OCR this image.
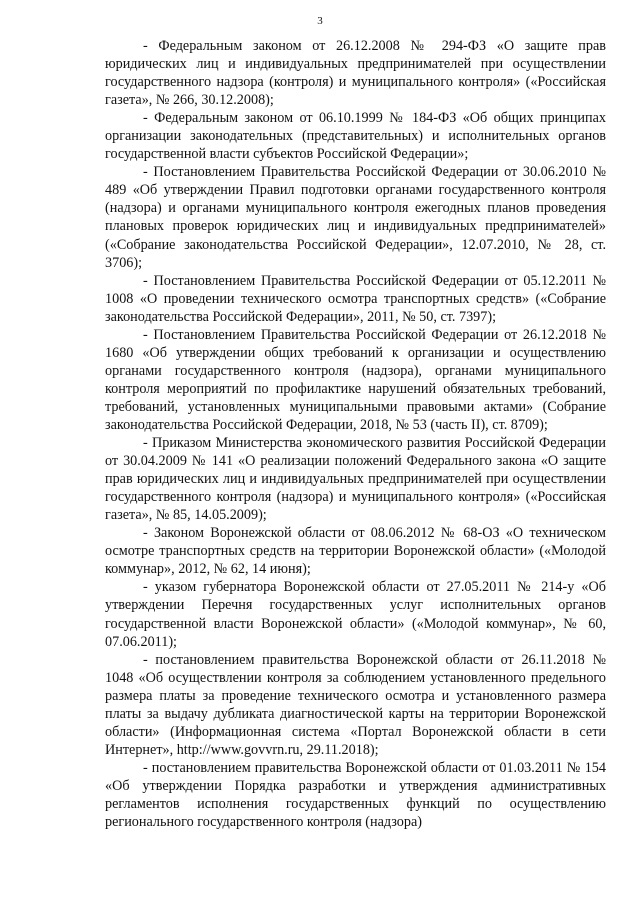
3

- Федеральным законом от 26.12.2008 № 294-ФЗ «О защите прав юридических лиц и индивидуальных предпринимателей при осуществлении государственного надзора (контроля) и муниципального контроля» («Российская газета», № 266, 30.12.2008);

- Федеральным законом от 06.10.1999 № 184-ФЗ «Об общих принципах организации законодательных (представительных) и исполнительных органов государственной власти субъектов Российской Федерации»;

- Постановлением Правительства Российской Федерации от 30.06.2010 № 489 «Об утверждении Правил подготовки органами государственного контроля (надзора) и органами муниципального контроля ежегодных планов проведения плановых проверок юридических лиц и индивидуальных предпринимателей» («Собрание законодательства Российской Федерации», 12.07.2010, № 28, ст. 3706);

- Постановлением Правительства Российской Федерации от 05.12.2011 № 1008 «О проведении технического осмотра транспортных средств» («Собрание законодательства Российской Федерации», 2011, № 50, ст. 7397);

- Постановлением Правительства Российской Федерации от 26.12.2018 № 1680 «Об утверждении общих требований к организации и осуществлению органами государственного контроля (надзора), органами муниципального контроля мероприятий по профилактике нарушений обязательных требований, требований, установленных муниципальными правовыми актами» (Собрание законодательства Российской Федерации, 2018, № 53 (часть II), ст. 8709);

- Приказом Министерства экономического развития Российской Федерации от 30.04.2009 № 141 «О реализации положений Федерального закона «О защите прав юридических лиц и индивидуальных предпринимателей при осуществлении государственного контроля (надзора) и муниципального контроля» («Российская газета», № 85, 14.05.2009);

- Законом Воронежской области от 08.06.2012 № 68-ОЗ «О техническом осмотре транспортных средств на территории Воронежской области» («Молодой коммунар», 2012, № 62, 14 июня);

- указом губернатора Воронежской области от 27.05.2011 № 214-у «Об утверждении Перечня государственных услуг исполнительных органов государственной власти Воронежской области» («Молодой коммунар», № 60, 07.06.2011);

- постановлением правительства Воронежской области от 26.11.2018 № 1048 «Об осуществлении контроля за соблюдением установленного предельного размера платы за проведение технического осмотра и установленного размера платы за выдачу дубликата диагностической карты на территории Воронежской области» (Информационная система «Портал Воронежской области в сети Интернет», http://www.govvrn.ru, 29.11.2018);

- постановлением правительства Воронежской области от 01.03.2011 № 154 «Об утверждении Порядка разработки и утверждения административных регламентов исполнения государственных функций по осуществлению регионального государственного контроля (надзора)
